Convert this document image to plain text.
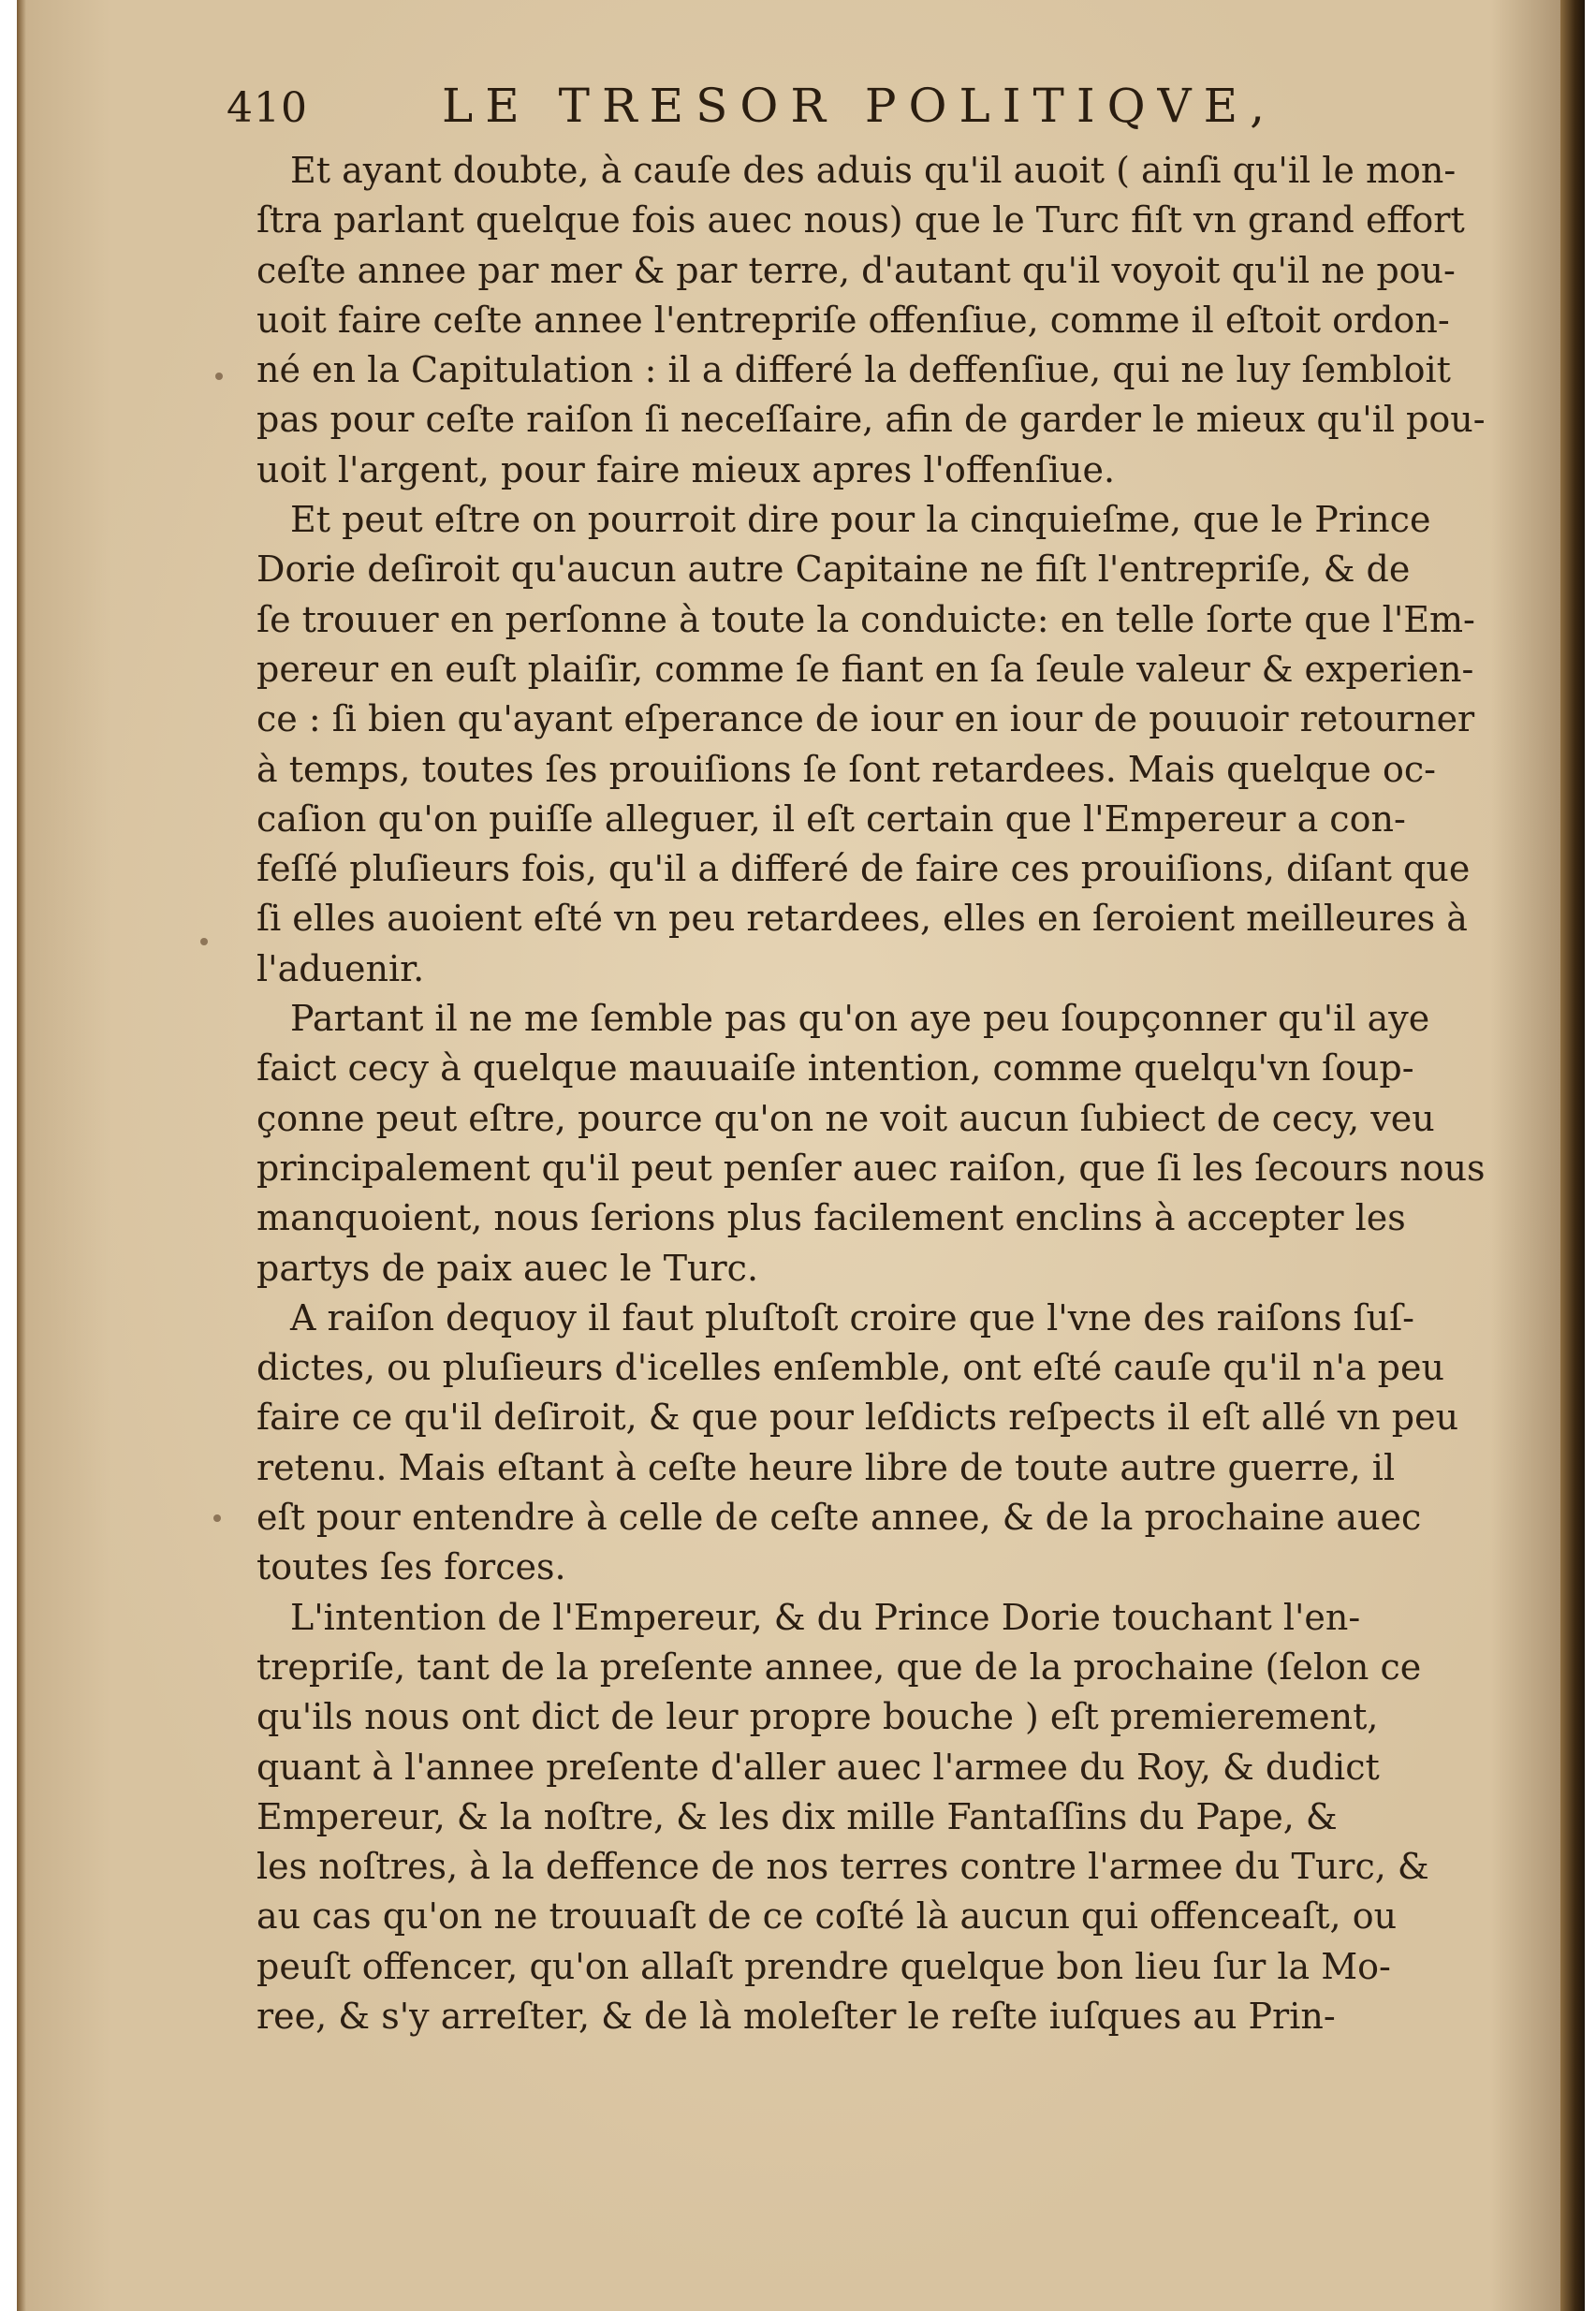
410	LE TRESOR POLITIQVE,

Et ayant doubte, à cauſe des aduis qu'il auoit ( ainſi qu'il le mon-
ſtra parlant quelque fois auec nous) que le Turc fiſt vn grand effort
ceſte annee par mer & par terre, d'autant qu'il voyoit qu'il ne pou-
uoit faire ceſte annee l'entrepriſe offenſiue, comme il eſtoit ordon-
né en la Capitulation : il a differé la deffenſiue, qui ne luy ſembloit
pas pour ceſte raiſon ſi neceſſaire, afin de garder le mieux qu'il pou-
uoit l'argent, pour faire mieux apres l'offenſiue.

Et peut eſtre on pourroit dire pour la cinquieſme, que le Prince
Dorie deſiroit qu'aucun autre Capitaine ne fiſt l'entrepriſe, & de
ſe trouuer en perſonne à toute la conduicte: en telle ſorte que l'Em-
pereur en euſt plaiſir, comme ſe fiant en ſa ſeule valeur & experien-
ce : ſi bien qu'ayant eſperance de iour en iour de pouuoir retourner
à temps, toutes ſes prouiſions ſe ſont retardees. Mais quelque oc-
caſion qu'on puiſſe alleguer, il eſt certain que l'Empereur a con-
feſſé pluſieurs fois, qu'il a differé de faire ces prouiſions, diſant que
ſi elles auoient eſté vn peu retardees, elles en ſeroient meilleures à
l'aduenir.

Partant il ne me ſemble pas qu'on aye peu ſoupçonner qu'il aye
faict cecy à quelque mauuaiſe intention, comme quelqu'vn ſoup-
çonne peut eſtre, pource qu'on ne voit aucun ſubiect de cecy, veu
principalement qu'il peut penſer auec raiſon, que ſi les ſecours nous
manquoient, nous ſerions plus facilement enclins à accepter les
partys de paix auec le Turc.

A raiſon dequoy il faut pluſtoſt croire que l'vne des raiſons ſuſ-
dictes, ou pluſieurs d'icelles enſemble, ont eſté cauſe qu'il n'a peu
faire ce qu'il deſiroit, & que pour leſdicts reſpects il eſt allé vn peu
retenu. Mais eſtant à ceſte heure libre de toute autre guerre, il
eſt pour entendre à celle de ceſte annee, & de la prochaine auec
toutes ſes forces.

L'intention de l'Empereur, & du Prince Dorie touchant l'en-
trepriſe, tant de la preſente annee, que de la prochaine (ſelon ce
qu'ils nous ont dict de leur propre bouche ) eſt premierement,
quant à l'annee preſente d'aller auec l'armee du Roy, & dudict
Empereur, & la noſtre, & les dix mille Fantaſſins du Pape, &
les noſtres, à la deffence de nos terres contre l'armee du Turc, &
au cas qu'on ne trouuaſt de ce coſté là aucun qui offenceaſt, ou
peuſt offencer, qu'on allaſt prendre quelque bon lieu ſur la Mo-
ree, & s'y arreſter, & de là moleſter le reſte iuſques au Prin-
